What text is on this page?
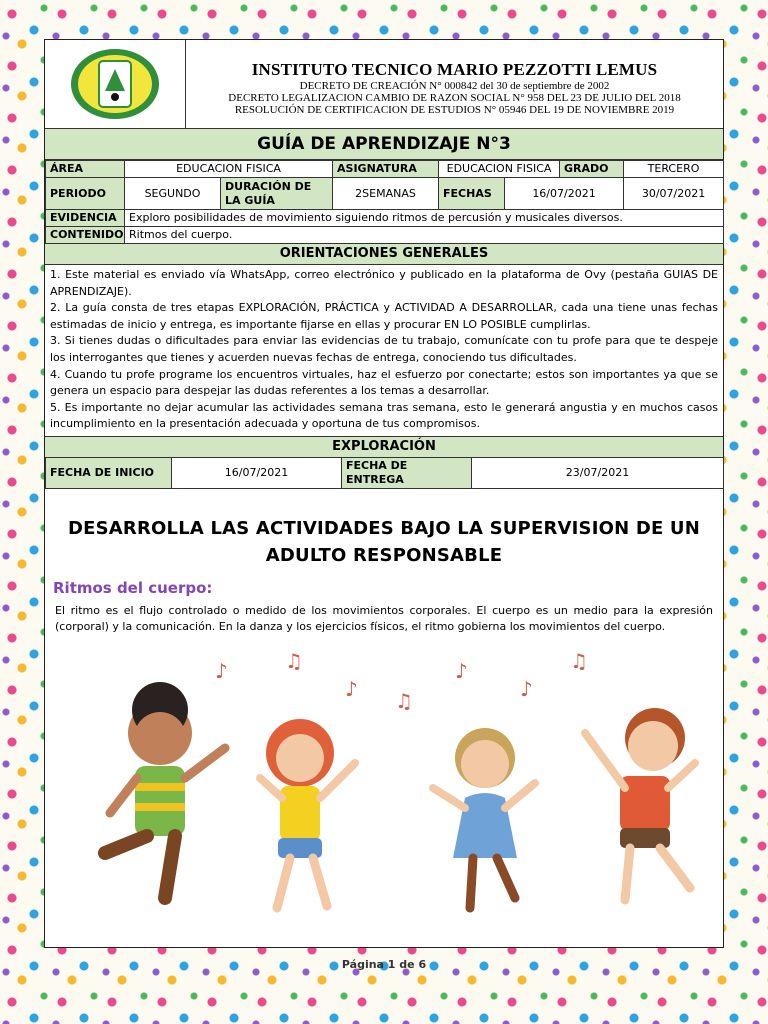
INSTITUTO TECNICO MARIO PEZZOTTI LEMUS
DECRETO DE CREACIÓN N° 000842 del 30 de septiembre de 2002
DECRETO LEGALIZACION CAMBIO DE RAZON SOCIAL N° 958 DEL 23 DE JULIO DEL 2018
RESOLUCIÓN DE CERTIFICACION DE ESTUDIOS N° 05946 DEL 19 DE NOVIEMBRE 2019
GUÍA DE APRENDIZAJE N°3
ÁREA	EDUCACION FISICA		ASIGNATURA	EDUCACION FISICA		GRADO	TERCERO
PERIODO	SEGUNDO	DURACIÓN DE LA GUÍA	2SEMANAS	FECHAS	16/07/2021		30/07/2021
EVIDENCIA	Exploro posibilidades de movimiento siguiendo ritmos de percusión y musicales diversos.						
CONTENIDO	Ritmos del cuerpo.						
ORIENTACIONES GENERALES

1. Este material es enviado vía WhatsApp, correo electrónico y publicado en la plataforma de Ovy (pestaña GUIAS DE APRENDIZAJE).

2. La guía consta de tres etapas EXPLORACIÓN, PRÁCTICA y ACTIVIDAD A DESARROLLAR, cada una tiene unas fechas estimadas de inicio y entrega, es importante fijarse en ellas y procurar EN LO POSIBLE cumplirlas.

3. Si tienes dudas o dificultades para enviar las evidencias de tu trabajo, comunícate con tu profe para que te despeje los interrogantes que tienes y acuerden nuevas fechas de entrega, conociendo tus dificultades.

4. Cuando tu profe programe los encuentros virtuales, haz el esfuerzo por conectarte; estos son importantes ya que se genera un espacio para despejar las dudas referentes a los temas a desarrollar.

5. Es importante no dejar acumular las actividades semana tras semana, esto le generará angustia y en muchos casos incumplimiento en la presentación adecuada y oportuna de tus compromisos.

EXPLORACIÓN
FECHA DE INICIO	16/07/2021	FECHA DE ENTREGA	23/07/2021
DESARROLLA LAS ACTIVIDADES BAJO LA SUPERVISION DE UN ADULTO RESPONSABLE
Ritmos del cuerpo:
El ritmo es el flujo controlado o medido de los movimientos corporales. El cuerpo es un medio para la expresión (corporal) y la comunicación. En la danza y los ejercicios físicos, el ritmo gobierna los movimientos del cuerpo.
♪	♫
♪ ♫
♪
♪
♫
Página 1 de 6
